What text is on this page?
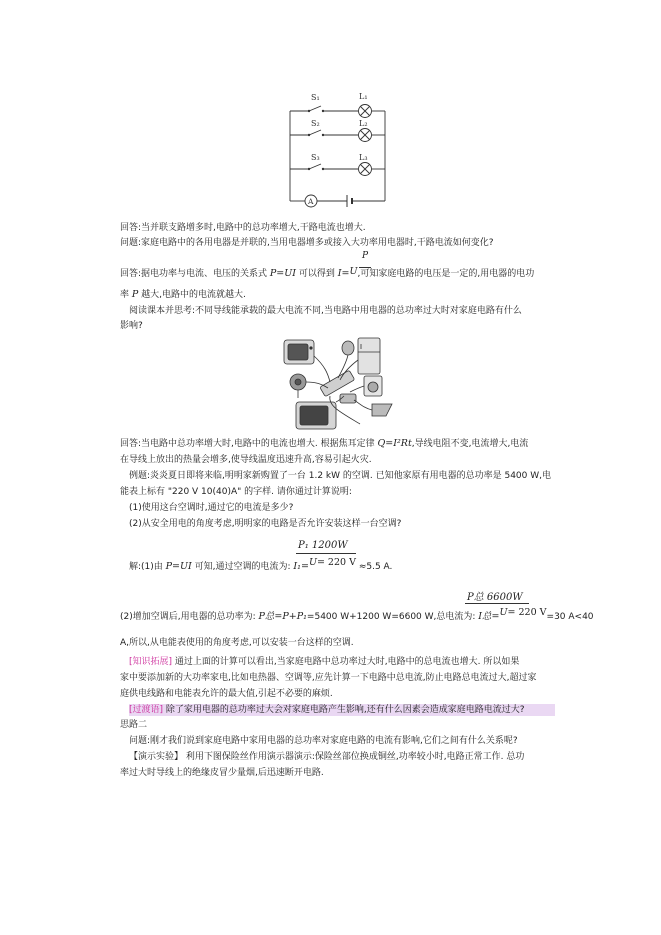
S₁
S₂
S₃
L₁
L₂
L₃
A
回答:当并联支路增多时,电路中的总功率增大,干路电流也增大.
问题:家庭电路中的各用电器是并联的,当用电器增多或接入大功率用电器时,干路电流如何变化?
P
回答:据电功率与电流、电压的关系式 P=UI 可以得到 I=U,可知家庭电路的电压是一定的,用电器的电功
率 P 越大,电路中的电流就越大.
阅读课本并思考:不同导线能承载的最大电流不同,当电路中用电器的总功率过大时对家庭电路有什么
影响?
回答:当电路中总功率增大时,电路中的电流也增大. 根据焦耳定律 Q=I²Rt,导线电阻不变,电流增大,电流
在导线上放出的热量会增多,使导线温度迅速升高,容易引起火灾.
例题:炎炎夏日即将来临,明明家新购置了一台 1.2 kW 的空调. 已知他家原有用电器的总功率是 5400 W,电
能表上标有 "220 V 10(40)A" 的字样. 请你通过计算说明:
(1)使用这台空调时,通过它的电流是多少?
(2)从安全用电的角度考虑,明明家的电路是否允许安装这样一台空调?
P₁ 1200W
解:(1)由 P=UI 可知,通过空调的电流为: I₁=U= 220 V ≈5.5 A.
P总 6600W
(2)增加空调后,用电器的总功率为: P总=P+P₁=5400 W+1200 W=6600 W,总电流为: I总=U= 220 V=30 A<40
A,所以,从电能表使用的角度考虑,可以安装一台这样的空调.
[知识拓展] 通过上面的计算可以看出,当家庭电路中总功率过大时,电路中的总电流也增大. 所以如果
家中要添加新的大功率家电,比如电热器、空调等,应先计算一下电路中总电流,防止电路总电流过大,超过家
庭供电线路和电能表允许的最大值,引起不必要的麻烦.
[过渡语] 除了家用电器的总功率过大会对家庭电路产生影响,还有什么因素会造成家庭电路电流过大?
思路二
问题:刚才我们说到家庭电路中家用电器的总功率对家庭电路的电流有影响,它们之间有什么关系呢?
【演示实验】 利用下图保险丝作用演示器演示:保险丝部位换成铜丝,功率较小时,电路正常工作. 总功
率过大时导线上的绝缘皮冒少量烟,后迅速断开电路.
